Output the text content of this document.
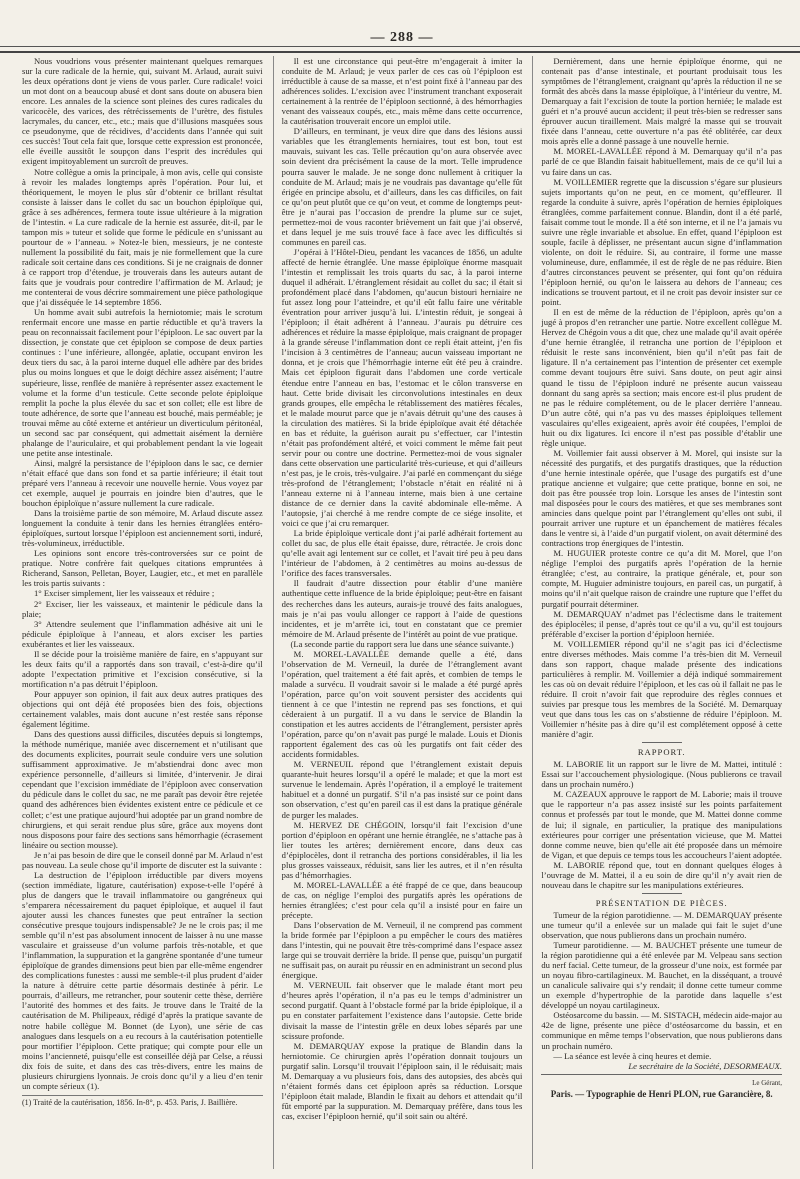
— 288 —

Nous voudrions vous présenter maintenant quelques remarques sur la cure radicale de la hernie, qui, suivant M. Arlaud, aurait suivi les deux opérations dont je viens de vous parler. Cure radicale! voici un mot dont on a beaucoup abusé et dont sans doute on abusera bien encore. Les annales de la science sont pleines des cures radicales du varicocèle, des varices, des rétrécissements de l’urètre, des fistules lacrymales, du cancer, etc., etc.; mais que d’illusions masquées sous ce pseudonyme, que de récidives, d’accidents dans l’année qui suit ces succès! Tout cela fait que, lorsque cette expression est prononcée, elle éveille aussitôt le soupçon dans l’esprit des incrédules qui exigent impitoyablement un surcroît de preuves.

Notre collègue a omis la principale, à mon avis, celle qui consiste à revoir les malades longtemps après l’opération. Pour lui, et théoriquement, le moyen le plus sûr d’obtenir ce brillant résultat consiste à laisser dans le collet du sac un bouchon épiploïque qui, grâce à ses adhérences, fermera toute issue ultérieure à la migration de l’intestin. « La cure radicale de la hernie est assurée, dit-il, par le tampon mis » tuteur et solide que forme le pédicule en s’unissant au pourtour de » l’anneau. » Notez-le bien, messieurs, je ne conteste nullement la possibilité du fait, mais je nie formellement que la cure radicale soit certaine dans ces conditions. Si je ne craignais de donner à ce rapport trop d’étendue, je trouverais dans les auteurs autant de faits que je voudrais pour contredire l’affirmation de M. Arlaud; je me contenterai de vous décrire sommairement une pièce pathologique que j’ai disséquée le 14 septembre 1856.

Un homme avait subi autrefois la herniotomie; mais le scrotum renfermait encore une masse en partie réductible et qu’à travers la peau on reconnaissait facilement pour l’épiploon. Le sac ouvert par la dissection, je constate que cet épiploon se compose de deux parties continues : l’une inférieure, allongée, aplatie, occupant environ les deux tiers du sac, à la paroi interne duquel elle adhère par des brides plus ou moins longues et que le doigt déchire assez aisément; l’autre supérieure, lisse, renflée de manière à représenter assez exactement le volume et la forme d’un testicule. Cette seconde pelote épiploïque remplit la poche la plus élevée du sac et son collet; elle est libre de toute adhérence, de sorte que l’anneau est bouché, mais perméable; je trouvai même au côté externe et antérieur un diverticulum péritonéal, un second sac par conséquent, qui admettait aisément la dernière phalange de l’auriculaire, et qui probablement pendant la vie logeait une petite anse intestinale.

Ainsi, malgré la persistance de l’épiploon dans le sac, ce dernier n’était effacé que dans son fond et sa partie inférieure; il était tout préparé vers l’anneau à recevoir une nouvelle hernie. Vous voyez par cet exemple, auquel je pourrais en joindre bien d’autres, que le bouchon épiploïque n’assure nullement la cure radicale.

Dans la troisième partie de son mémoire, M. Arlaud discute assez longuement la conduite à tenir dans les hernies étranglées entéro-épiploïques, surtout lorsque l’épiploon est anciennement sorti, induré, très-volumineux, irréductible.

Les opinions sont encore très-controversées sur ce point de pratique. Notre confrère fait quelques citations empruntées à Richerand, Sanson, Pelletan, Boyer, Laugier, etc., et met en parallèle les trois partis suivants :

1° Exciser simplement, lier les vaisseaux et réduire ;

2° Exciser, lier les vaisseaux, et maintenir le pédicule dans la plaie;

3° Attendre seulement que l’inflammation adhésive ait uni le pédicule épiploïque à l’anneau, et alors exciser les parties exubérantes et lier les vaisseaux.

Il se décide pour la troisième manière de faire, en s’appuyant sur les deux faits qu’il a rapportés dans son travail, c’est-à-dire qu’il adopte l’expectation primitive et l’excision consécutive, si la mortification n’a pas détruit l’épiploon.

Pour appuyer son opinion, il fait aux deux autres pratiques des objections qui ont déjà été proposées bien des fois, objections certainement valables, mais dont aucune n’est restée sans réponse également légitime.

Dans des questions aussi difficiles, discutées depuis si longtemps, la méthode numérique, maniée avec discernement et n’utilisant que des documents explicites, pourrait seule conduire vers une solution suffisamment approximative. Je m’abstiendrai donc avec mon expérience personnelle, d’ailleurs si limitée, d’intervenir. Je dirai cependant que l’excision immédiate de l’épiploon avec conservation du pédicule dans le collet du sac, ne me paraît pas devoir être rejetée quand des adhérences bien évidentes existent entre ce pédicule et ce collet; c’est une pratique aujourd’hui adoptée par un grand nombre de chirurgiens, et qui serait rendue plus sûre, grâce aux moyens dont nous disposons pour faire des sections sans hémorrhagie (écrasement linéaire ou section mousse).

Je n’ai pas besoin de dire que le conseil donné par M. Arlaud n’est pas nouveau. La seule chose qu’il importe de discuter est la suivante :

La destruction de l’épiploon irréductible par divers moyens (section immédiate, ligature, cautérisation) expose-t-elle l’opéré à plus de dangers que le travail inflammatoire ou gangréneux qui s’emparera nécessairement du paquet épiploïque, et auquel il faut ajouter aussi les chances funestes que peut entraîner la section consécutive presque toujours indispensable? Je ne le crois pas; il me semble qu’il n’est pas absolument innocent de laisser à nu une masse vasculaire et graisseuse d’un volume parfois très-notable, et que l’inflammation, la suppuration et la gangrène spontanée d’une tumeur épiploïque de grandes dimensions peut bien par elle-même engendrer des complications funestes : aussi me semble-t-il plus prudent d’aider la nature à détruire cette partie désormais destinée à périr. Le pourrais, d’ailleurs, me retrancher, pour soutenir cette thèse, derrière l’autorité des hommes et des faits. Je trouve dans le Traité de la cautérisation de M. Philipeaux, rédigé d’après la pratique savante de notre habile collègue M. Bonnet (de Lyon), une série de cas analogues dans lesquels on a eu recours à la cautérisation potentielle pour mortifier l’épiploon. Cette pratique; qui compte pour elle un moins l’ancienneté, puisqu’elle est conseillée déjà par Celse, a réussi dix fois de suite, et dans des cas très-divers, entre les mains de plusieurs chirurgiens lyonnais. Je crois donc qu’il y a lieu d’en tenir un compte sérieux (1).

(1) Traité de la cautérisation, 1856. In-8°, p. 453. Paris, J. Baillière.

Il est une circonstance qui peut-être m’engagerait à imiter la conduite de M. Arlaud; je veux parler de ces cas où l’épiploon est irréductible à cause de sa masse, et n’est point fixé à l’anneau par des adhérences solides. L’excision avec l’instrument tranchant exposerait certainement à la rentrée de l’épiploon sectionné, à des hémorrhagies venant des vaisseaux coupés, etc., mais même dans cette occurrence, la cautérisation trouverait encore un emploi utile.

D’ailleurs, en terminant, je veux dire que dans des lésions aussi variables que les étranglements herniaires, tout est bon, tout est mauvais, suivant les cas. Telle précaution qu’on aura observée avec soin devient dra précisément la cause de la mort. Telle imprudence pourra sauver le malade. Je ne songe donc nullement à critiquer la conduite de M. Arlaud; mais je ne voudrais pas davantage qu’elle fût érigée en principe absolu, et d’ailleurs, dans les cas difficiles, on fait ce qu’on peut plutôt que ce qu’on veut, et comme de longtemps peut-être je n’aurai pas l’occasion de prendre la plume sur ce sujet, permettez-moi de vous raconter brièvement un fait que j’ai observé, et dans lequel je me suis trouvé face à face avec les difficultés si communes en pareil cas.

J’opérai à l’Hôtel-Dieu, pendant les vacances de 1856, un adulte affecté de hernie étranglée. Une masse épiploïque énorme masquait l’intestin et remplissait les trois quarts du sac, à la paroi interne duquel il adhérait. L’étranglement résidait au collet du sac; il était si profondément placé dans l’abdomen, qu’aucun bistouri herniaire ne fut assez long pour l’atteindre, et qu’il eût fallu faire une véritable éventration pour arriver jusqu’à lui. L’intestin réduit, je songeai à l’épiploon; il était adhérent à l’anneau. J’aurais pu détruire ces adhérences et réduire la masse épiploïque, mais craignant de propager à la grande séreuse l’inflammation dont ce repli était atteint, j’en fis l’incision à 3 centimètres de l’anneau; aucun vaisseau important ne donna, et je crois que l’hémorrhagie interne eût été peu à craindre. Mais cet épiploon figurait dans l’abdomen une corde verticale étendue entre l’anneau en bas, l’estomac et le côlon transverse en haut. Cette bride divisait les circonvolutions intestinales en deux grands groupes, elle empêcha le rétablissement des matières fécales, et le malade mourut parce que je n’avais détruit qu’une des causes à la circulation des matières. Si la bride épiploïque avait été détachée en bas et réduite, la guérison aurait pu s’effectuer, car l’intestin n’était pas profondément altéré, et voici comment le même fait peut servir pour ou contre une doctrine. Permettez-moi de vous signaler dans cette observation une particularité très-curieuse, et qui d’ailleurs n’est pas, je le crois, très-vulgaire. J’ai parlé en commençant du siége très-profond de l’étranglement; l’obstacle n’était en réalité ni à l’anneau externe ni à l’anneau interne, mais bien à une certaine distance de ce dernier dans la cavité abdominale elle-même. A l’autopsie, j’ai cherché à me rendre compte de ce siége insolite, et voici ce que j’ai cru remarquer.

La bride épiploïque verticale dont j’ai parlé adhérait fortement au collet du sac, de plus elle était épaisse, dure, rétractée. Je crois donc qu’elle avait agi lentement sur ce collet, et l’avait tiré peu à peu dans l’intérieur de l’abdomen, à 2 centimètres au moins au-dessus de l’orifice des faces transversales.

Il faudrait d’autre dissection pour établir d’une manière authentique cette influence de la bride épiploïque; peut-être en faisant des recherches dans les auteurs, aurais-je trouvé des faits analogues, mais je n’ai pas voulu allonger ce rapport à l’aide de questions incidentes, et je m’arrête ici, tout en constatant que ce premier mémoire de M. Arlaud présente de l’intérêt au point de vue pratique.

(La seconde partie du rapport sera lue dans une séance suivante.)

M. MOREL-LAVALLÉE demande quelle a été, dans l’observation de M. Verneuil, la durée de l’étranglement avant l’opération, quel traitement a été fait après, et combien de temps le malade a survécu. Il voudrait savoir si le malade a été purgé après l’opération, parce qu’on voit souvent persister des accidents qui tiennent à ce que l’intestin ne reprend pas ses fonctions, et qui cèderaient à un purgatif. Il a vu dans le service de Blandin la constipation et les autres accidents de l’étranglement, persister après l’opération, parce qu’on n’avait pas purgé le malade. Louis et Dionis rapportent également des cas où les purgatifs ont fait céder des accidents formidables.

M. VERNEUIL répond que l’étranglement existait depuis quarante-huit heures lorsqu’il a opéré le malade; et que la mort est survenue le lendemain. Après l’opération, il a employé le traitement habituel et a donné un purgatif. S’il n’a pas insisté sur ce point dans son observation, c’est qu’en pareil cas il est dans la pratique générale de purger les malades.

M. HERVEZ DE CHÉGOIN, lorsqu’il fait l’excision d’une portion d’épiploon en opérant une hernie étranglée, ne s’attache pas à lier toutes les artères; dernièrement encore, dans deux cas d’épiplocèles, dont il retrancha des portions considérables, il lia les plus grosses vaisseaux, réduisit, sans lier les autres, et il n’en résulta pas d’hémorrhagies.

M. MOREL-LAVALLÉE a été frappé de ce que, dans beaucoup de cas, on néglige l’emploi des purgatifs après les opérations de hernies étranglées; c’est pour cela qu’il a insisté pour en faire un précepte.

Dans l’observation de M. Verneuil, il ne comprend pas comment la bride formée par l’épiploon a pu empêcher le cours des matières dans l’intestin, qui ne pouvait être très-comprimé dans l’espace assez large qui se trouvait derrière la bride. Il pense que, puisqu’un purgatif ne suffisait pas, on aurait pu réussir en en administrant un second plus énergique.

M. VERNEUIL fait observer que le malade étant mort peu d’heures après l’opération, il n’a pas eu le temps d’administrer un second purgatif. Quant à l’obstacle formé par la bride épiploïque, il a pu en constater parfaitement l’existence dans l’autopsie. Cette bride divisait la masse de l’intestin grêle en deux lobes séparés par une scissure profonde.

M. DEMARQUAY expose la pratique de Blandin dans la herniotomie. Ce chirurgien après l’opération donnait toujours un purgatif salin. Lorsqu’il trouvait l’épiploon sain, il le réduisait; mais M. Demarquay a vu plusieurs fois, dans des autopsies, des abcès qui n’étaient formés dans cet épiploon après sa réduction. Lorsque l’épiploon était malade, Blandin le fixait au dehors et attendait qu’il fût emporté par la suppuration. M. Demarquay préfère, dans tous les cas, exciser l’épiploon hernié, qu’il soit sain ou altéré.

Dernièrement, dans une hernie épiploïque énorme, qui ne contenait pas d’anse intestinale, et pourtant produisait tous les symptômes de l’étranglement, craignant qu’après la réduction il ne se formât des abcès dans la masse épiploïque, à l’intérieur du ventre, M. Demarquay a fait l’excision de toute la portion herniée; le malade est guéri et n’a prouvé aucun accident; il peut très-bien se redresser sans éprouver aucun tiraillement. Mais malgré la masse qui se trouvait fixée dans l’anneau, cette ouverture n’a pas été oblitérée, car deux mois après elle a donné passage à une nouvelle hernie.

M. MOREL-LAVALLÉE répond à M. Demarquay qu’il n’a pas parlé de ce que Blandin faisait habituellement, mais de ce qu’il lui a vu faire dans un cas.

M. VOILLEMIER regrette que la discussion s’égare sur plusieurs sujets importants qu’on ne peut, en ce moment, qu’effleurer. Il regarde la conduite à suivre, après l’opération de hernies épiploïques étranglées, comme parfaitement connue. Blandin, dont il a été parlé, faisait comme tout le monde. Il a été son interne, et il ne l’a jamais vu suivre une règle invariable et absolue. En effet, quand l’épiploon est souple, facile à déplisser, ne présentant aucun signe d’inflammation violente, on doit le réduire. Si, au contraire, il forme une masse volumineuse, dure, enflammée, il est de règle de ne pas réduire. Bien d’autres circonstances peuvent se présenter, qui font qu’on réduira l’épiploon hernié, ou qu’on le laissera au dehors de l’anneau; ces indications se trouvent partout, et il ne croit pas devoir insister sur ce point.

Il en est de même de la réduction de l’épiploon, après qu’on a jugé à propos d’en retrancher une partie. Notre excellent collègue M. Hervez de Chégoin vous a dit que, chez une malade qu’il avait opérée d’une hernie étranglée, il retrancha une portion de l’épiploon et réduisit le reste sans inconvénient, bien qu’il n’eût pas fait de ligature. Il n’a certainement pas l’intention de présenter cet exemple comme devant toujours être suivi. Sans doute, on peut agir ainsi quand le tissu de l’épiploon induré ne présente aucun vaisseau donnant du sang après sa section; mais encore est-il plus prudent de ne pas le réduire complétement, ou de le placer derrière l’anneau. D’un autre côté, qui n’a pas vu des masses épiploïques tellement vasculaires qu’elles exigeaient, après avoir été coupées, l’emploi de huit ou dix ligatures. Ici encore il n’est pas possible d’établir une règle unique.

M. Voillemier fait aussi observer à M. Morel, qui insiste sur la nécessité des purgatifs, et des purgatifs drastiques, que la réduction d’une hernie intestinale opérée, que l’usage des purgatifs est d’une pratique ancienne et vulgaire; que cette pratique, bonne en soi, ne doit pas être poussée trop loin. Lorsque les anses de l’intestin sont mal disposées pour le cours des matières, et que ses membranes sont amincies dans quelque point par l’étranglement qu’elles ont subi, il pourrait arriver une rupture et un épanchement de matières fécales dans le ventre si, à l’aide d’un purgatif violent, on avait déterminé des contractions trop énergiques de l’intestin.

M. HUGUIER proteste contre ce qu’a dit M. Morel, que l’on néglige l’emploi des purgatifs après l’opération de la hernie étranglée; c’est, au contraire, la pratique générale, et, pour son compte, M. Huguier administre toujours, en pareil cas, un purgatif, à moins qu’il n’ait quelque raison de craindre une rupture que l’effet du purgatif pourrait déterminer.

M. DEMARQUAY n’admet pas l’éclectisme dans le traitement des épiplocèles; il pense, d’après tout ce qu’il a vu, qu’il est toujours préférable d’exciser la portion d’épiploon herniée.

M. VOILLEMIER répond qu’il ne s’agit pas ici d’éclectisme entre diverses méthodes. Mais comme l’a très-bien dit M. Verneuil dans son rapport, chaque malade présente des indications particulières à remplir. M. Voillemier a déjà indiqué sommairement les cas où on devait réduire l’épiploon, et les cas où il fallait ne pas le réduire. Il croit n’avoir fait que reproduire des règles connues et suivies par presque tous les membres de la Société. M. Demarquay veut que dans tous les cas on s’abstienne de réduire l’épiploon. M. Voillemier n’hésite pas à dire qu’il est complétement opposé à cette manière d’agir.

RAPPORT.

M. LABORIE lit un rapport sur le livre de M. Mattei, intitulé : Essai sur l’accouchement physiologique. (Nous publierons ce travail dans un prochain numéro.)

M. CAZEAUX approuve le rapport de M. Laborie; mais il trouve que le rapporteur n’a pas assez insisté sur les points parfaitement connus et professés par tout le monde, que M. Mattei donne comme de lui; il signale, en particulier, la pratique des manipulations extérieures pour corriger une présentation vicieuse, que M. Mattei donne comme neuve, bien qu’elle ait été proposée dans un mémoire de Vigan, et que depuis ce temps tous les accoucheurs l’aient adoptée.

M. LABORIE répond que, tout en donnant quelques éloges à l’ouvrage de M. Mattei, il a eu soin de dire qu’il n’y avait rien de nouveau dans le chapitre sur les manipulations extérieures.

PRÉSENTATION DE PIÈCES.

Tumeur de la région parotidienne. — M. DEMARQUAY présente une tumeur qu’il a enlevée sur un malade qui fait le sujet d’une observation, que nous publierons dans un prochain numéro.

Tumeur parotidienne. — M. BAUCHET présente une tumeur de la région parotidienne qui a été enlevée par M. Velpeau sans section du nerf facial. Cette tumeur, de la grosseur d’une noix, est formée par un noyau fibro-cartilagineux. M. Bauchet, en la disséquant, a trouvé un canalicule salivaire qui s’y rendait; il donne cette tumeur comme un exemple d’hypertrophie de la parotide dans laquelle s’est développé un noyau cartilagineux.

Ostéosarcome du bassin. — M. SISTACH, médecin aide-major au 42e de ligne, présente une pièce d’ostéosarcome du bassin, et en communique en même temps l’observation, que nous publierons dans un prochain numéro.

— La séance est levée à cinq heures et demie.

Le secrétaire de la Société, DESORMEAUX.

Le Gérant,

Paris. — Typographie de Henri PLON, rue Garancière, 8.
